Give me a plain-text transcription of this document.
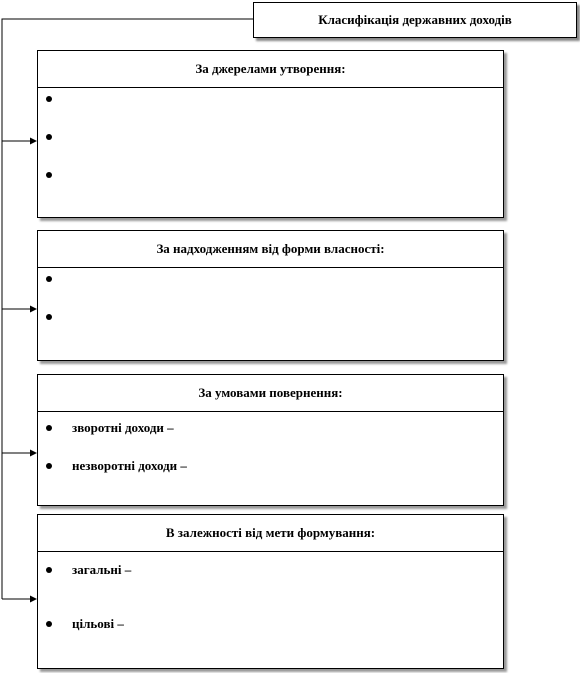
Класифікація державних доходів
За джерелами утворення:
За надходженням від форми власності:
За умовами повернення:
зворотні доходи –
незворотні доходи –
В залежності від мети формування:
загальні –
цільові –
